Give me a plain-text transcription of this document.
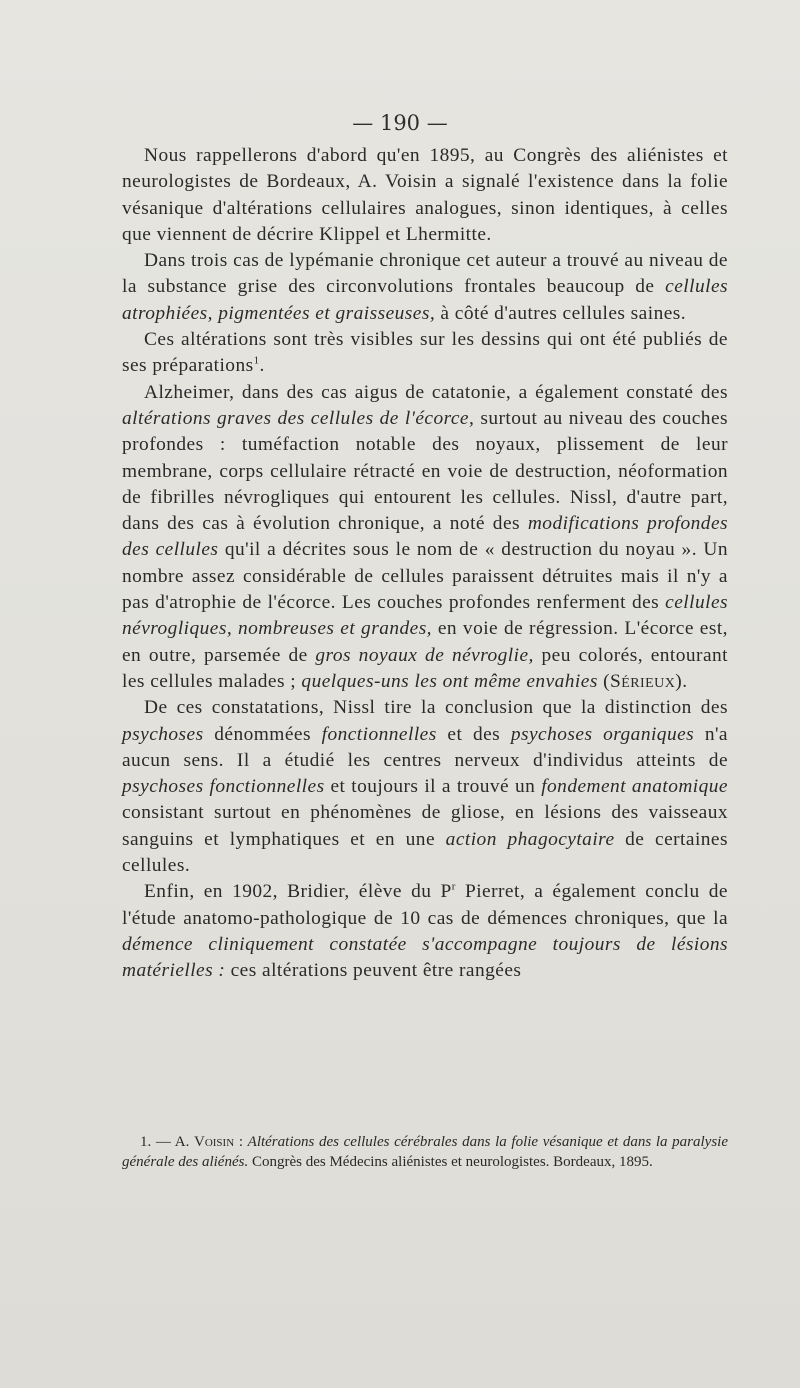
— 190 —

Nous rappellerons d'abord qu'en 1895, au Congrès des aliénistes et neurologistes de Bordeaux, A. Voisin a signalé l'existence dans la folie vésanique d'altérations cellulaires analogues, sinon identiques, à celles que viennent de décrire Klippel et Lhermitte.

Dans trois cas de lypémanie chronique cet auteur a trouvé au niveau de la substance grise des circonvolutions frontales beaucoup de cellules atrophiées, pigmentées et graisseuses, à côté d'autres cellules saines.

Ces altérations sont très visibles sur les dessins qui ont été publiés de ses préparations$^1$.

Alzheimer, dans des cas aigus de catatonie, a également constaté des altérations graves des cellules de l'écorce, surtout au niveau des couches profondes : tuméfaction notable des noyaux, plissement de leur membrane, corps cellulaire rétracté en voie de destruction, néoformation de fibrilles névrogliques qui entourent les cellules. Nissl, d'autre part, dans des cas à évolution chronique, a noté des modifications profondes des cellules qu'il a décrites sous le nom de « destruction du noyau ». Un nombre assez considérable de cellules paraissent détruites mais il n'y a pas d'atrophie de l'écorce. Les couches profondes renferment des cellules névrogliques, nombreuses et grandes, en voie de régression. L'écorce est, en outre, parsemée de gros noyaux de névroglie, peu colorés, entourant les cellules malades ; quelques-uns les ont même envahies (Sérieux).

De ces constatations, Nissl tire la conclusion que la distinction des psychoses dénommées fonctionnelles et des psychoses organiques n'a aucun sens. Il a étudié les centres nerveux d'individus atteints de psychoses fonctionnelles et toujours il a trouvé un fondement anatomique consistant surtout en phénomènes de gliose, en lésions des vaisseaux sanguins et lymphatiques et en une action phagocytaire de certaines cellules.

Enfin, en 1902, Bridier, élève du $P^r$ Pierret, a également conclu de l'étude anatomo-pathologique de 10 cas de démences chroniques, que la démence cliniquement constatée s'accompagne toujours de lésions matérielles : ces altérations peuvent être rangées

1. — A. Voisin : Altérations des cellules cérébrales dans la folie vésanique et dans la paralysie générale des aliénés. Congrès des Médecins aliénistes et neurologistes. Bordeaux, 1895.
